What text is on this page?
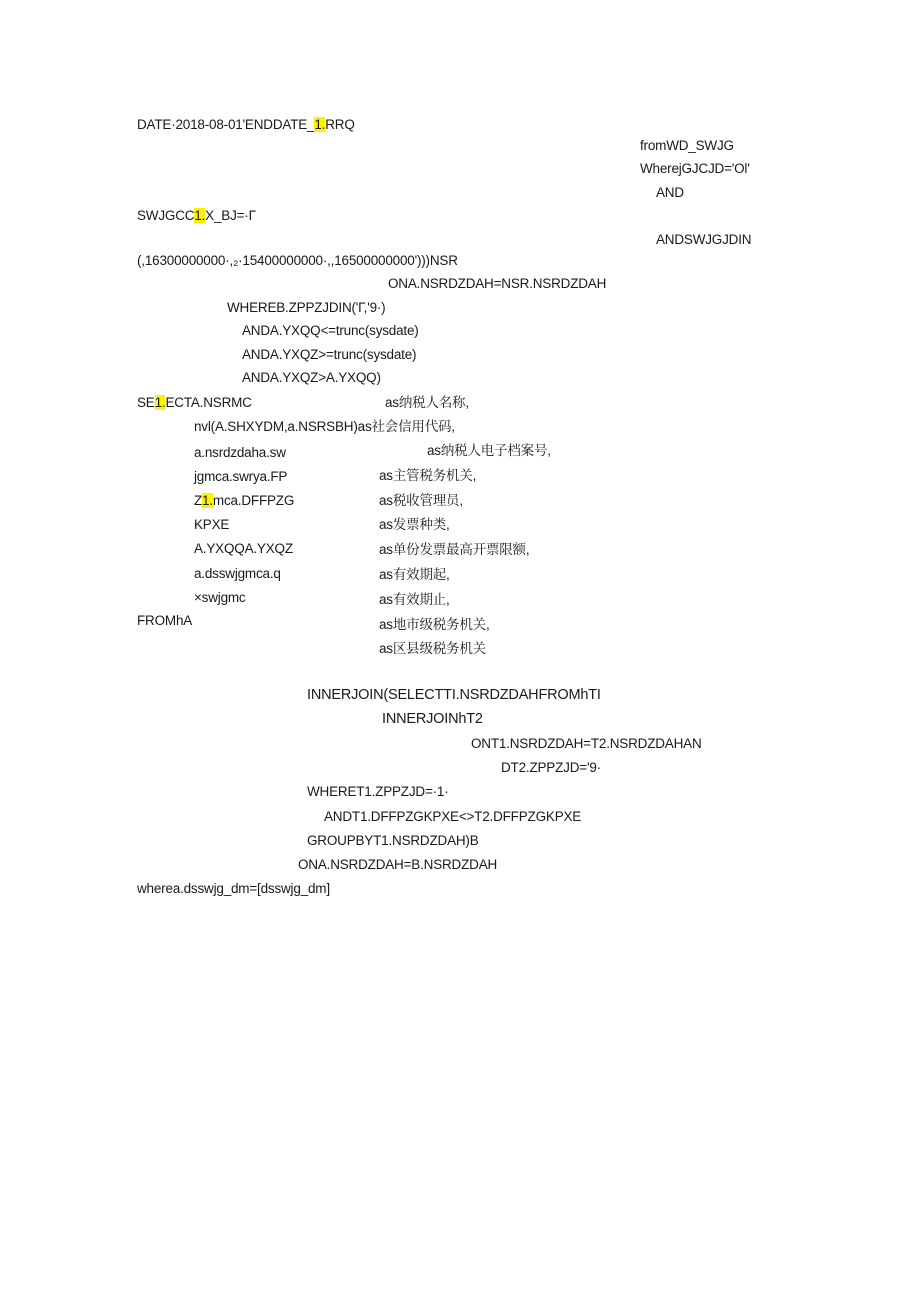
DATE·2018-08-01'ENDDATE_1.RRQ
fromWD_SWJG
WherejGJCJD='Ol'
AND
SWJGCC1.X_BJ=·Г
ANDSWJGJDIN
(,16300000000·,₂·15400000000·,,16500000000')))NSR
ONA.NSRDZDAH=NSR.NSRDZDAH
WHEREB.ZPPZJDIN('Г,'9·)
ANDA.YXQQ<=trunc(sysdate)
ANDA.YXQZ>=trunc(sysdate)
ANDA.YXQZ>A.YXQQ)
SE1.ECTA.NSRMC	as纳税人名称,
nvl(A.SHXYDM,a.NSRSBH)as社会信用代码,
a.nsrdzdaha.sw	as纳税人电子档案号,
jgmca.swrya.FP	as主管税务机关,
Z1.mca.DFFPZG	as税收管理员,
KPXE	as发票种类,
A.YXQQA.YXQZ	as单份发票最高开票限额,
a.dsswjgmca.q	as有效期起,
×swjgmc	as有效期止,
FROMhA	as地市级税务机关,
as区县级税务机关
INNERJOIN(SELECTTI.NSRDZDAHFROMhTI
INNERJOINhT2
ONT1.NSRDZDAH=T2.NSRDZDAHAN
DT2.ZPPZJD='9·
WHERET1.ZPPZJD=·1·
ANDT1.DFFPZGKPXE<>T2.DFFPZGKPXE
GROUPBYT1.NSRDZDAH)B
ONA.NSRDZDAH=B.NSRDZDAH
wherea.dsswjg_dm=[dsswjg_dm]
